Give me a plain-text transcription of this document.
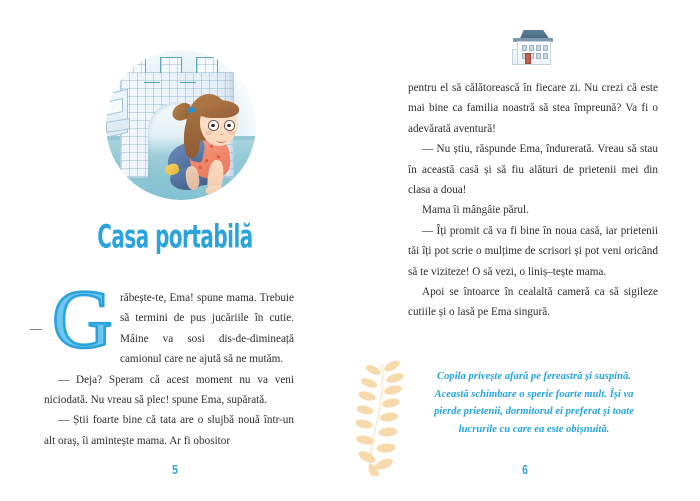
Casa portabilă
— G răbește-te, Ema! spune mama. Trebuie să termini de pus jucăriile în cutie. Mâine va sosi dis-de-dimineață camionul care ne ajută să ne mutăm.

— Deja? Speram că acest moment nu va veni niciodată. Nu vreau să plec! spune Ema, supărată.

— Știi foarte bine că tata are o slujbă nouă într-un alt oraș, îi amintește mama. Ar fi obositor

5

pentru el să călătorească în fiecare zi. Nu crezi că este mai bine ca familia noastră să stea împreună? Va fi o adevărată aventură!

— Nu știu, răspunde Ema, îndurerată. Vreau să stau în această casă și să fiu alături de prietenii mei din clasa a doua!

Mama îi mângâie părul.

— Îți promit că va fi bine în noua casă, iar prietenii tăi îți pot scrie o mulțime de scrisori și pot veni oricând să te viziteze! O să vezi, o liniș–tește mama.

Apoi se întoarce în cealaltă cameră ca să sigileze cutiile și o lasă pe Ema singură.

Copila privește afară pe fereastră și suspină.

Această schimbare o sperie foarte mult. Își va

pierde prietenii, dormitorul ei preferat și toate

lucrurile cu care ea este obișnuită.

6
